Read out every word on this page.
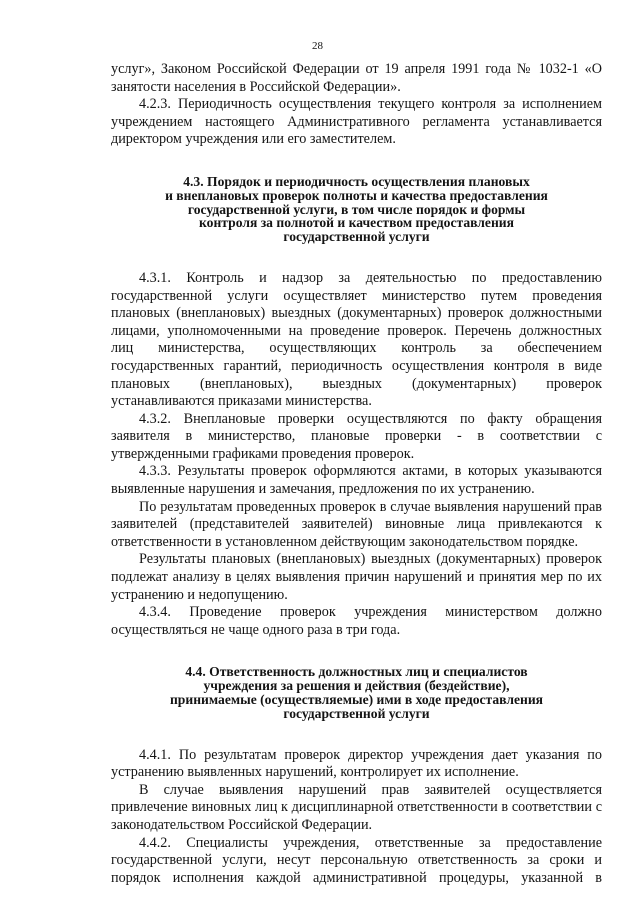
28

услуг», Законом Российской Федерации от 19 апреля 1991 года № 1032-1 «О занятости населения в Российской Федерации».

4.2.3. Периодичность осуществления текущего контроля за исполнением учреждением настоящего Административного регламента устанавливается директором учреждения или его заместителем.

4.3. Порядок и периодичность осуществления плановых
и внеплановых проверок полноты и качества предоставления
государственной услуги, в том числе порядок и формы
контроля за полнотой и качеством предоставления
государственной услуги

4.3.1. Контроль и надзор за деятельностью по предоставлению государственной услуги осуществляет министерство путем проведения плановых (внеплановых) выездных (документарных) проверок должностными лицами, уполномоченными на проведение проверок. Перечень должностных лиц министерства, осуществляющих контроль за обеспечением государственных гарантий, периодичность осуществления контроля в виде плановых (внеплановых), выездных (документарных) проверок устанавливаются приказами министерства.

4.3.2. Внеплановые проверки осуществляются по факту обращения заявителя в министерство, плановые проверки - в соответствии с утвержденными графиками проведения проверок.

4.3.3. Результаты проверок оформляются актами, в которых указываются выявленные нарушения и замечания, предложения по их устранению.

По результатам проведенных проверок в случае выявления нарушений прав заявителей (представителей заявителей) виновные лица привлекаются к ответственности в установленном действующим законодательством порядке.

Результаты плановых (внеплановых) выездных (документарных) проверок подлежат анализу в целях выявления причин нарушений и принятия мер по их устранению и недопущению.

4.3.4. Проведение проверок учреждения министерством должно осуществляться не чаще одного раза в три года.

4.4. Ответственность должностных лиц и специалистов
учреждения за решения и действия (бездействие),
принимаемые (осуществляемые) ими в ходе предоставления
государственной услуги

4.4.1. По результатам проверок директор учреждения дает указания по устранению выявленных нарушений, контролирует их исполнение.

В случае выявления нарушений прав заявителей осуществляется привлечение виновных лиц к дисциплинарной ответственности в соответствии с законодательством Российской Федерации.

4.4.2. Специалисты учреждения, ответственные за предоставление государственной услуги, несут персональную ответственность за сроки и порядок исполнения каждой административной процедуры, указанной в
